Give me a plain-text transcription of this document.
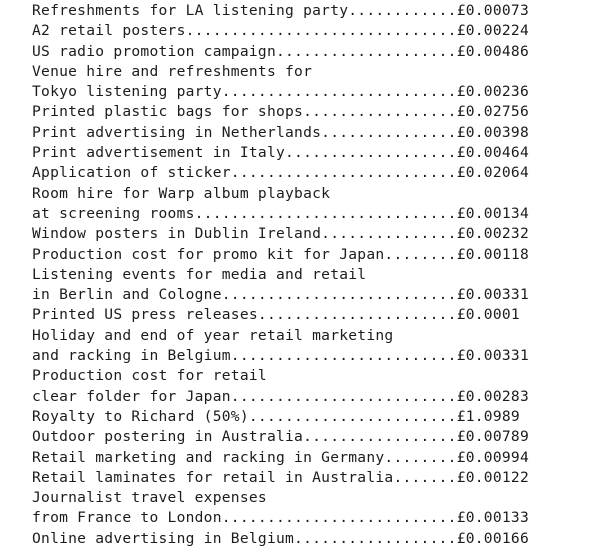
Refreshments for LA listening party............£0.00073
A2 retail posters..............................£0.00224
US radio promotion campaign....................£0.00486
Venue hire and refreshments for
Tokyo listening party..........................£0.00236
Printed plastic bags for shops.................£0.02756
Print advertising in Netherlands...............£0.00398
Print advertisement in Italy...................£0.00464
Application of sticker.........................£0.02064
Room hire for Warp album playback
at screening rooms.............................£0.00134
Window posters in Dublin Ireland...............£0.00232
Production cost for promo kit for Japan........£0.00118
Listening events for media and retail
in Berlin and Cologne..........................£0.00331
Printed US press releases......................£0.0001
Holiday and end of year retail marketing
and racking in Belgium.........................£0.00331
Production cost for retail
clear folder for Japan.........................£0.00283
Royalty to Richard (50%).......................£1.0989
Outdoor postering in Australia.................£0.00789
Retail marketing and racking in Germany........£0.00994
Retail laminates for retail in Australia.......£0.00122
Journalist travel expenses
from France to London..........................£0.00133
Online advertising in Belgium..................£0.00166
